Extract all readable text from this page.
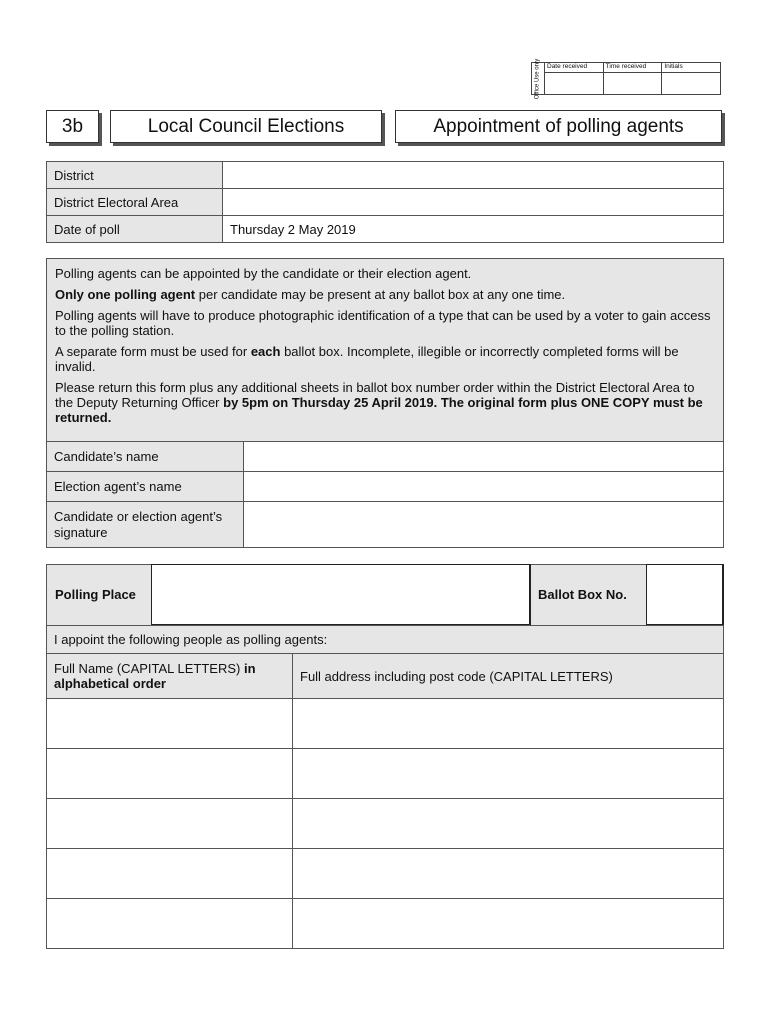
Office Use only	Date received	Time received	Initials

3b	Local Council Elections	Appointment of polling agents
District	
District Electoral Area	
Date of poll	Thursday 2 May 2019

Polling agents can be appointed by the candidate or their election agent.

Only one polling agent per candidate may be present at any ballot box at any one time.

Polling agents will have to produce photographic identification of a type that can be used by a voter to gain access to the polling station.

A separate form must be used for each ballot box. Incomplete, illegible or incorrectly completed forms will be invalid.

Please return this form plus any additional sheets in ballot box number order within the District Electoral Area to the Deputy Returning Officer by 5pm on Thursday 25 April 2019. The original form plus ONE COPY must be returned.

Candidate’s name	
Election agent’s name	
Candidate or election agent’s signature	
Polling Place	Ballot Box No.
I appoint the following people as polling agents:	
Full Name (CAPITAL LETTERS) in alphabetical order	Full address including post code (CAPITAL LETTERS)
